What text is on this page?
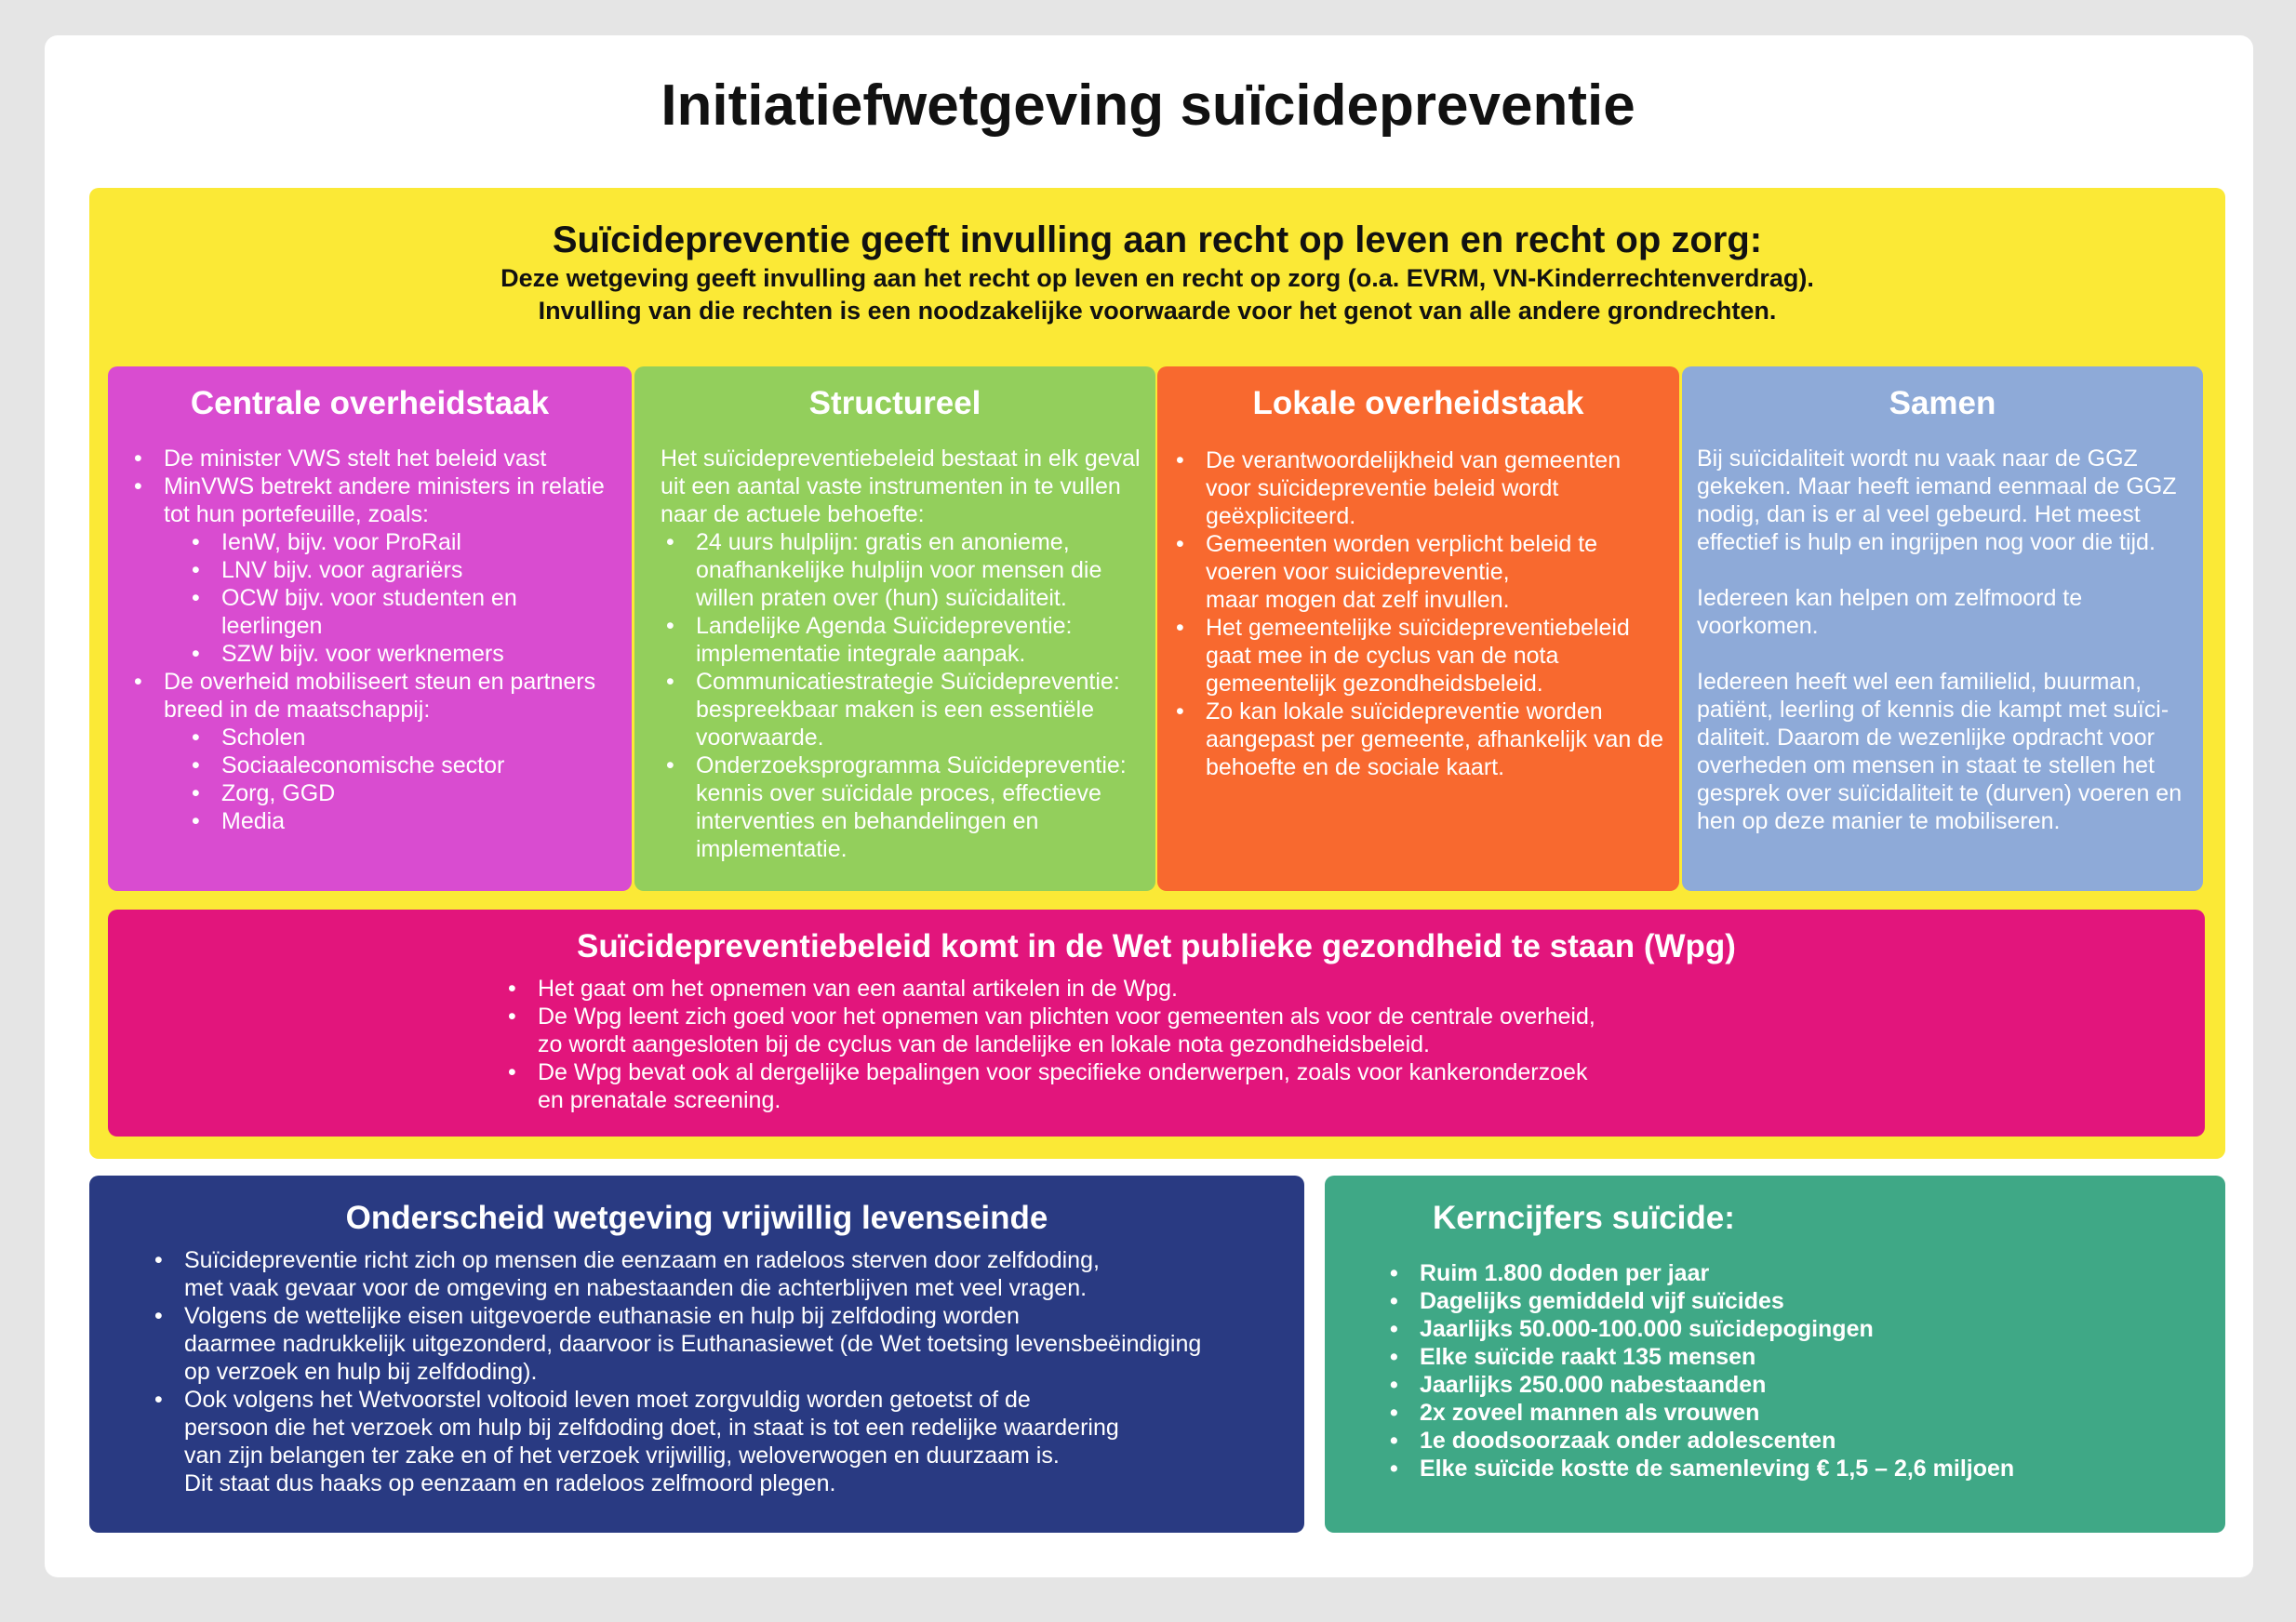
Initiatiefwetgeving suïcidepreventie
Suïcidepreventie geeft invulling aan recht op leven en recht op zorg:
Deze wetgeving geeft invulling aan het recht op leven en recht op zorg (o.a. EVRM, VN-Kinderrechtenverdrag).
Invulling van die rechten is een noodzakelijke voorwaarde voor het genot van alle andere grondrechten.
Centrale overheidstaak
• De minister VWS stelt het beleid vast
• MinVWS betrekt andere ministers in relatie tot hun portefeuille, zoals:
• IenW, bijv. voor ProRail
• LNV bijv. voor agrariërs
• OCW bijv. voor studenten en leerlingen
• SZW bijv. voor werknemers
• De overheid mobiliseert steun en partners breed in de maatschappij:
• Scholen
• Sociaaleconomische sector
• Zorg, GGD
• Media
Structureel
Het suïcidepreventiebeleid bestaat in elk geval uit een aantal vaste instrumenten in te vullen naar de actuele behoefte:
• 24 uurs hulplijn: gratis en anonieme, onafhankelijke hulplijn voor mensen die willen praten over (hun) suïcidaliteit.
• Landelijke Agenda Suïcidepreventie: implementatie integrale aanpak.
• Communicatiestrategie Suïcidepreventie: bespreekbaar maken is een essentiële voorwaarde.
• Onderzoeksprogramma Suïcidepreventie: kennis over suïcidale proces, effectieve interventies en behandelingen en implementatie.
Lokale overheidstaak
• De verantwoordelijkheid van gemeenten voor suïcidepreventie beleid wordt geëxpliciteerd.
• Gemeenten worden verplicht beleid te voeren voor suicidepreventie,
maar mogen dat zelf invullen.
• Het gemeentelijke suïcidepreventiebeleid gaat mee in de cyclus van de nota gemeentelijk gezondheidsbeleid.
• Zo kan lokale suïcidepreventie worden aangepast per gemeente, afhankelijk van de behoefte en de sociale kaart.
Samen

Bij suïcidaliteit wordt nu vaak naar de GGZ gekeken. Maar heeft iemand eenmaal de GGZ nodig, dan is er al veel gebeurd. Het meest effectief is hulp en ingrijpen nog voor die tijd.

Iedereen kan helpen om zelfmoord te voorkomen.

Iedereen heeft wel een familielid, buurman, patiënt, leerling of kennis die kampt met suïci-daliteit. Daarom de wezenlijke opdracht voor overheden om mensen in staat te stellen het gesprek over suïcidaliteit te (durven) voeren en hen op deze manier te mobiliseren.

Suïcidepreventiebeleid komt in de Wet publieke gezondheid te staan (Wpg)
• Het gaat om het opnemen van een aantal artikelen in de Wpg.
• De Wpg leent zich goed voor het opnemen van plichten voor gemeenten als voor de centrale overheid,
zo wordt aangesloten bij de cyclus van de landelijke en lokale nota gezondheidsbeleid.
• De Wpg bevat ook al dergelijke bepalingen voor specifieke onderwerpen, zoals voor kankeronderzoek
en prenatale screening.
Onderscheid wetgeving vrijwillig levenseinde
• Suïcidepreventie richt zich op mensen die eenzaam en radeloos sterven door zelfdoding,
met vaak gevaar voor de omgeving en nabestaanden die achterblijven met veel vragen.
• Volgens de wettelijke eisen uitgevoerde euthanasie en hulp bij zelfdoding worden
daarmee nadrukkelijk uitgezonderd, daarvoor is Euthanasiewet (de Wet toetsing levensbeëindiging
op verzoek en hulp bij zelfdoding).
• Ook volgens het Wetvoorstel voltooid leven moet zorgvuldig worden getoetst of de
persoon die het verzoek om hulp bij zelfdoding doet, in staat is tot een redelijke waardering
van zijn belangen ter zake en of het verzoek vrijwillig, weloverwogen en duurzaam is.
Dit staat dus haaks op eenzaam en radeloos zelfmoord plegen.
Kerncijfers suïcide:
• Ruim 1.800 doden per jaar
• Dagelijks gemiddeld vijf suïcides
• Jaarlijks 50.000-100.000 suïcidepogingen
• Elke suïcide raakt 135 mensen
• Jaarlijks 250.000 nabestaanden
• 2x zoveel mannen als vrouwen
• 1e doodsoorzaak onder adolescenten
• Elke suïcide kostte de samenleving € 1,5 – 2,6 miljoen
